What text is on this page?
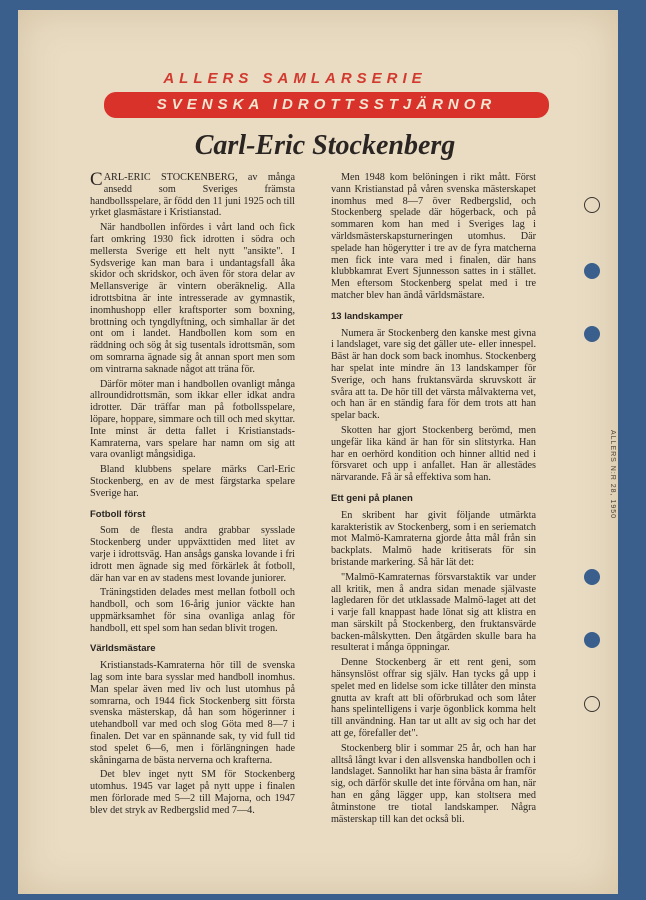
ALLERS SAMLARSERIE
SVENSKA IDROTTSSTJÄRNOR
Carl-Eric Stockenberg

CARL-ERIC STOCKENBERG, av många ansedd som Sveriges främsta handbollsspelare, är född den 11 juni 1925 och till yrket glasmästare i Kristianstad.

När handbollen infördes i vårt land och fick fart omkring 1930 fick idrotten i södra och mellersta Sverige ett helt nytt "ansikte". I Sydsverige kan man bara i undantagsfall åka skidor och skridskor, och även för stora delar av Mellansverige är vintern oberäknelig. Alla idrottsbitna är inte intresserade av gymnastik, inomhushopp eller kraftsporter som boxning, brottning och tyngdlyftning, och simhallar är det ont om i landet. Handbollen kom som en räddning och sög åt sig tusentals idrottsmän, som om somrarna ägnade sig åt annan sport men som om vintrarna saknade något att träna för.

Därför möter man i handbollen ovanligt många allroundidrottsmän, som ikkar eller idkat andra idrotter. Där träffar man på fotbollsspelare, löpare, hoppare, simmare och till och med skyttar. Inte minst är detta fallet i Kristianstads-Kamraterna, vars spelare har namn om sig att vara ovanligt mångsidiga.

Bland klubbens spelare märks Carl-Eric Stockenberg, en av de mest färgstarka spelare Sverige har.

Fotboll först

Som de flesta andra grabbar sysslade Stockenberg under uppväxttiden med litet av varje i idrottsväg. Han ansågs ganska lovande i fri idrott men ägnade sig med förkärlek åt fotboll, där han var en av stadens mest lovande juniorer.

Träningstiden delades mest mellan fotboll och handboll, och som 16-årig junior väckte han uppmärksamhet för sina ovanliga anlag för handboll, ett spel som han sedan blivit trogen.

Världsmästare

Kristianstads-Kamraterna hör till de svenska lag som inte bara sysslar med handboll inomhus. Man spelar även med liv och lust utomhus på somrarna, och 1944 fick Stockenberg sitt första svenska mästerskap, då han som högerinner i utehandboll var med och slog Göta med 8—7 i finalen. Det var en spännande sak, ty vid full tid stod spelet 6—6, men i förlängningen hade skåningarna de bästa nerverna och krafterna.

Det blev inget nytt SM för Stockenberg utomhus. 1945 var laget på nytt uppe i finalen men förlorade med 5—2 till Majorna, och 1947 blev det stryk av Redbergslid med 7—4.

Men 1948 kom belöningen i rikt mått. Först vann Kristianstad på våren svenska mästerskapet inomhus med 8—7 över Redbergslid, och Stockenberg spelade där högerback, och på sommaren kom han med i Sveriges lag i världsmästerskapsturneringen utomhus. Där spelade han högerytter i tre av de fyra matcherna men fick inte vara med i finalen, där hans klubbkamrat Evert Sjunnesson sattes in i stället. Men eftersom Stockenberg spelat med i tre matcher blev han ändå världsmästare.

13 landskamper

Numera är Stockenberg den kanske mest givna i landslaget, vare sig det gäller ute- eller innespel. Bäst är han dock som back inomhus. Stockenberg har spelat inte mindre än 13 landskamper för Sverige, och hans fruktansvärda skruvskott är svåra att ta. De hör till det värsta målvakterna vet, och han är en ständig fara för dem trots att han spelar back.

Skotten har gjort Stockenberg berömd, men ungefär lika känd är han för sin slitstyrka. Han har en oerhörd kondition och hinner alltid ned i försvaret och upp i anfallet. Han är allestädes närvarande. Få är så effektiva som han.

Ett geni på planen

En skribent har givit följande utmärkta karakteristik av Stockenberg, som i en seriematch mot Malmö-Kamraterna gjorde åtta mål från sin backplats. Malmö hade kritiserats för sin bristande markering. Så här lät det:

"Malmö-Kamraternas försvarstaktik var under all kritik, men å andra sidan menade självaste lagledaren för det utklassade Malmö-laget att det i varje fall knappast hade lönat sig att klistra en man särskilt på Stockenberg, den fruktansvärde backen-målskytten. Den åtgärden skulle bara ha resulterat i många öppningar.

Denne Stockenberg är ett rent geni, som hänsynslöst offrar sig själv. Han tycks gå upp i spelet med en lidelse som icke tillåter den minsta gnutta av kraft att bli oförbrukad och som låter hans spelintelligens i varje ögonblick komma helt till användning. Han tar ut allt av sig och har det att ge, förefaller det".

Stockenberg blir i sommar 25 år, och han har alltså långt kvar i den allsvenska handbollen och i landslaget. Sannolikt har han sina bästa år framför sig, och därför skulle det inte förvåna om han, när han en gång lägger upp, kan stoltsera med åtminstone tre tiotal landskamper. Några mästerskap till kan det också bli.

ALLERS N:R 28, 1950
